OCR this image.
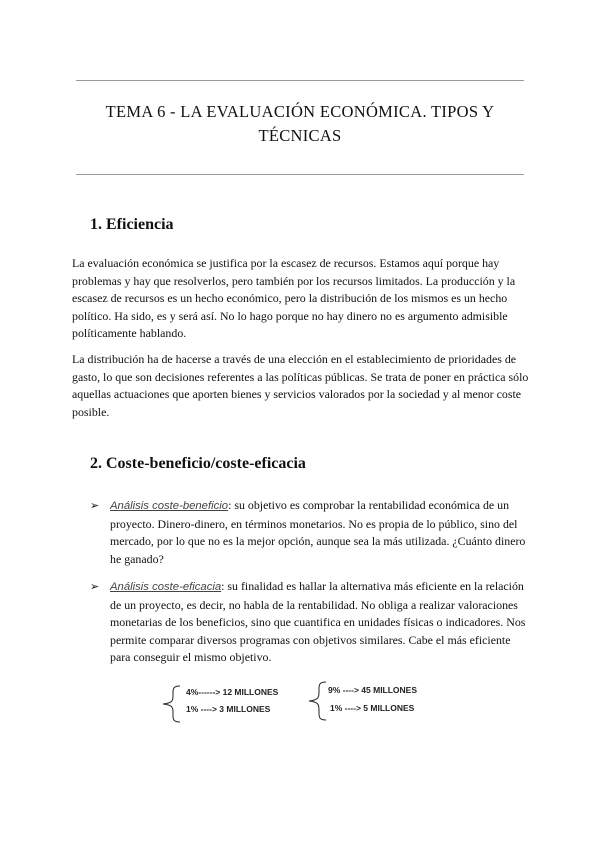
TEMA 6 - LA EVALUACIÓN ECONÓMICA. TIPOS Y TÉCNICAS
1. Eficiencia
La evaluación económica se justifica por la escasez de recursos. Estamos aquí porque hay problemas y hay que resolverlos, pero también por los recursos limitados. La producción y la escasez de recursos es un hecho económico, pero la distribución de los mismos es un hecho político. Ha sido, es y será así. No lo hago porque no hay dinero no es argumento admisible políticamente hablando.
La distribución ha de hacerse a través de una elección en el establecimiento de prioridades de gasto, lo que son decisiones referentes a las políticas públicas. Se trata de poner en práctica sólo aquellas actuaciones que aporten bienes y servicios valorados por la sociedad y al menor coste posible.
2. Coste-beneficio/coste-eficacia
➢ Análisis coste-beneficio: su objetivo es comprobar la rentabilidad económica de un proyecto. Dinero-dinero, en términos monetarios. No es propia de lo público, sino del mercado, por lo que no es la mejor opción, aunque sea la más utilizada. ¿Cuánto dinero he ganado?
➢ Análisis coste-eficacia: su finalidad es hallar la alternativa más eficiente en la relación de un proyecto, es decir, no habla de la rentabilidad. No obliga a realizar valoraciones monetarias de los beneficios, sino que cuantifica en unidades físicas o indicadores. Nos permite comparar diversos programas con objetivos similares. Cabe el más eficiente para conseguir el mismo objetivo.
4%------> 12 MILLONES
1% ----> 3 MILLONES
9% ----> 45 MILLONES
1% ----> 5 MILLONES
